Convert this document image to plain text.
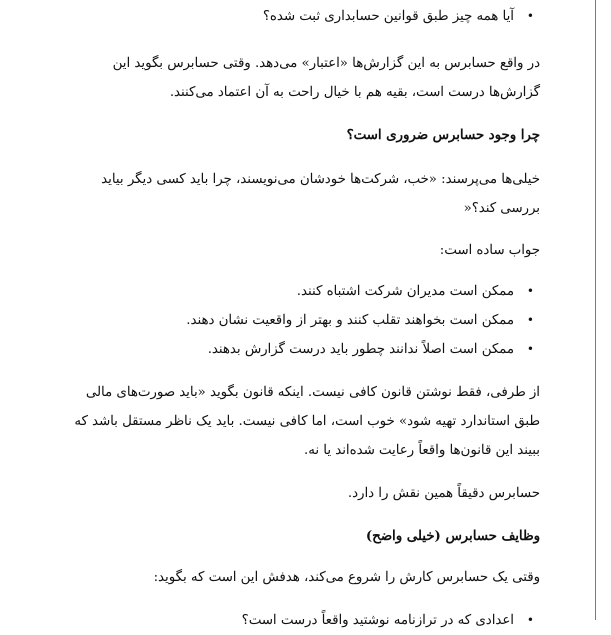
•
آیا همه چیز طبق قوانین حسابداری ثبت شده؟

در واقع حسابرس به این گزارش‌ها «اعتبار» می‌دهد. وقتی حسابرس بگوید این گزارش‌ها درست است، بقیه هم با خیال راحت به آن اعتماد می‌کنند.

چرا وجود حسابرس ضروری است؟

خیلی‌ها می‌پرسند: «خب، شرکت‌ها خودشان می‌نویسند، چرا باید کسی دیگر بیاید بررسی کند؟«

جواب ساده است:

•
ممکن است مدیران شرکت اشتباه کنند.
•
ممکن است بخواهند تقلب کنند و بهتر از واقعیت نشان دهند.
•
ممکن است اصلاً ندانند چطور باید درست گزارش بدهند.

از طرفی، فقط نوشتن قانون کافی نیست. اینکه قانون بگوید «باید صورت‌های مالی طبق استاندارد تهیه شود» خوب است، اما کافی نیست. باید یک ناظر مستقل باشد که ببیند این قانون‌ها واقعاً رعایت شده‌اند یا نه.

حسابرس دقیقاً همین نقش را دارد.

وظایف حسابرس (خیلی واضح)

وقتی یک حسابرس کارش را شروع می‌کند، هدفش این است که بگوید:

•
اعدادی که در ترازنامه نوشتید واقعاً درست است؟
